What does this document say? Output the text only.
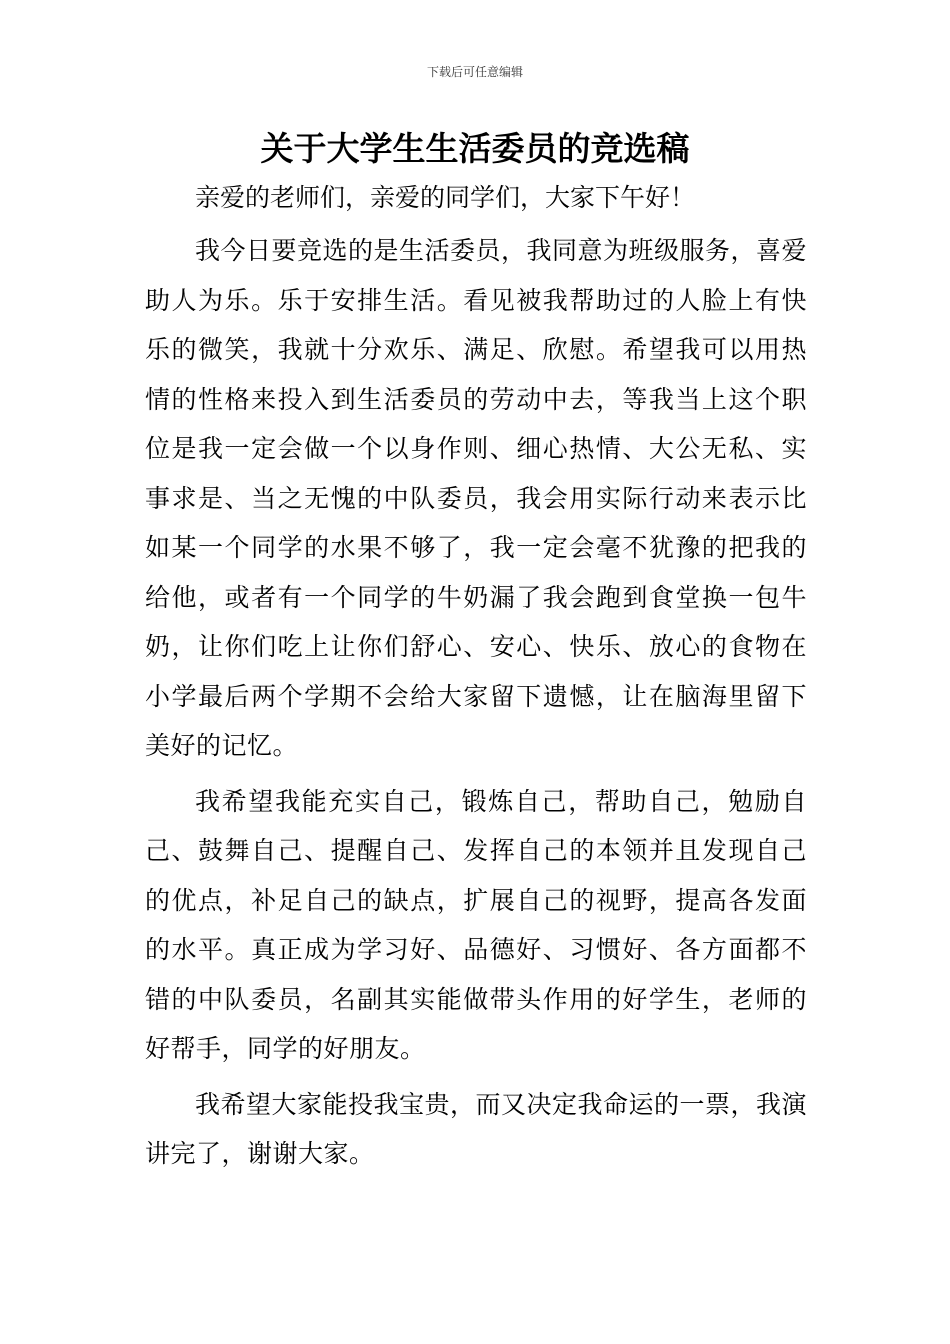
下载后可任意编辑
关于大学生生活委员的竞选稿

亲爱的老师们，亲爱的同学们，大家下午好！

我今日要竞选的是生活委员，我同意为班级服务，喜爱助人为乐。乐于安排生活。看见被我帮助过的人脸上有快乐的微笑，我就十分欢乐、满足、欣慰。希望我可以用热情的性格来投入到生活委员的劳动中去，等我当上这个职位是我一定会做一个以身作则、细心热情、大公无私、实事求是、当之无愧的中队委员，我会用实际行动来表示比如某一个同学的水果不够了，我一定会毫不犹豫的把我的给他，或者有一个同学的牛奶漏了我会跑到食堂换一包牛奶，让你们吃上让你们舒心、安心、快乐、放心的食物在小学最后两个学期不会给大家留下遗憾，让在脑海里留下美好的记忆。

我希望我能充实自己，锻炼自己，帮助自己，勉励自己、鼓舞自己、提醒自己、发挥自己的本领并且发现自己的优点，补足自己的缺点，扩展自己的视野，提高各发面的水平。真正成为学习好、品德好、习惯好、各方面都不错的中队委员，名副其实能做带头作用的好学生，老师的好帮手，同学的好朋友。

我希望大家能投我宝贵，而又决定我命运的一票，我演讲完了，谢谢大家。
